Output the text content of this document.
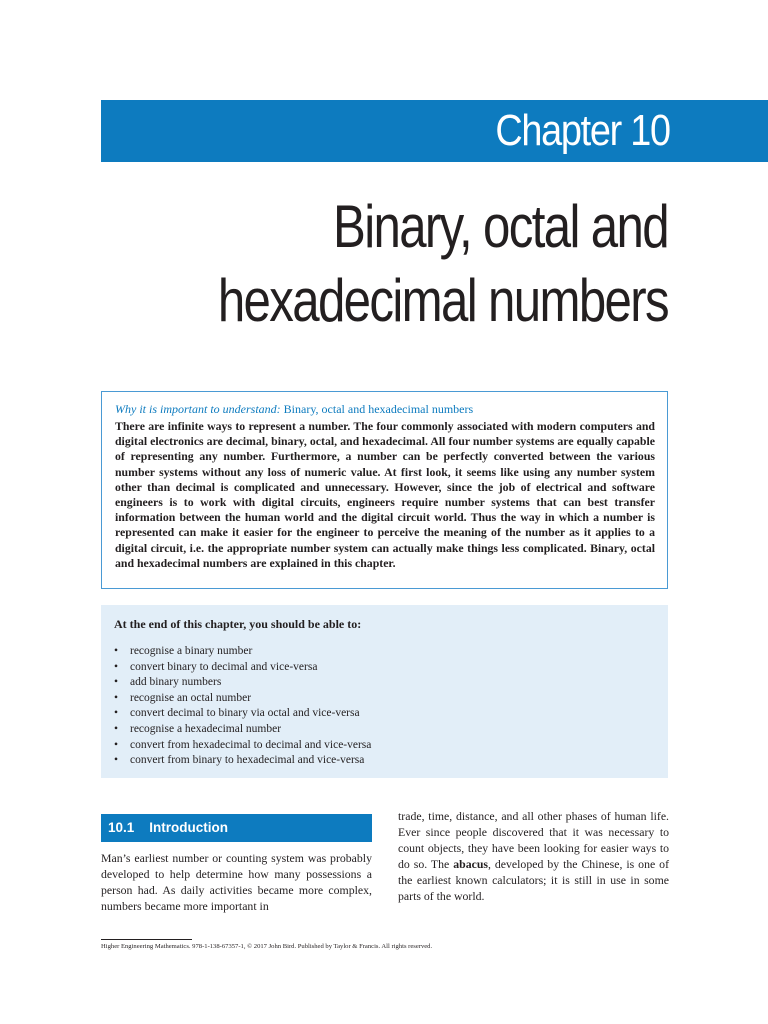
Chapter 10
Binary, octal and
hexadecimal numbers
Why it is important to understand: Binary, octal and hexadecimal numbers

There are infinite ways to represent a number. The four commonly associated with modern computers and digital electronics are decimal, binary, octal, and hexadecimal. All four number systems are equally capable of representing any number. Furthermore, a number can be perfectly converted between the various number systems without any loss of numeric value. At first look, it seems like using any number system other than decimal is complicated and unnecessary. However, since the job of electrical and software engineers is to work with digital circuits, engineers require number systems that can best transfer information between the human world and the digital circuit world. Thus the way in which a number is represented can make it easier for the engineer to perceive the meaning of the number as it applies to a digital circuit, i.e. the appropriate number system can actually make things less complicated. Binary, octal and hexadecimal numbers are explained in this chapter.

At the end of this chapter, you should be able to:
• recognise a binary number
• convert binary to decimal and vice-versa
• add binary numbers
• recognise an octal number
• convert decimal to binary via octal and vice-versa
• recognise a hexadecimal number
• convert from hexadecimal to decimal and vice-versa
• convert from binary to hexadecimal and vice-versa
10.1 Introduction

Man’s earliest number or counting system was probably developed to help determine how many possessions a person had. As daily activities became more complex, numbers became more important in

trade, time, distance, and all other phases of human life. Ever since people discovered that it was necessary to count objects, they have been looking for easier ways to do so. The abacus, developed by the Chinese, is one of the earliest known calculators; it is still in use in some parts of the world.

Higher Engineering Mathematics. 978-1-138-67357-1, © 2017 John Bird. Published by Taylor & Francis. All rights reserved.
